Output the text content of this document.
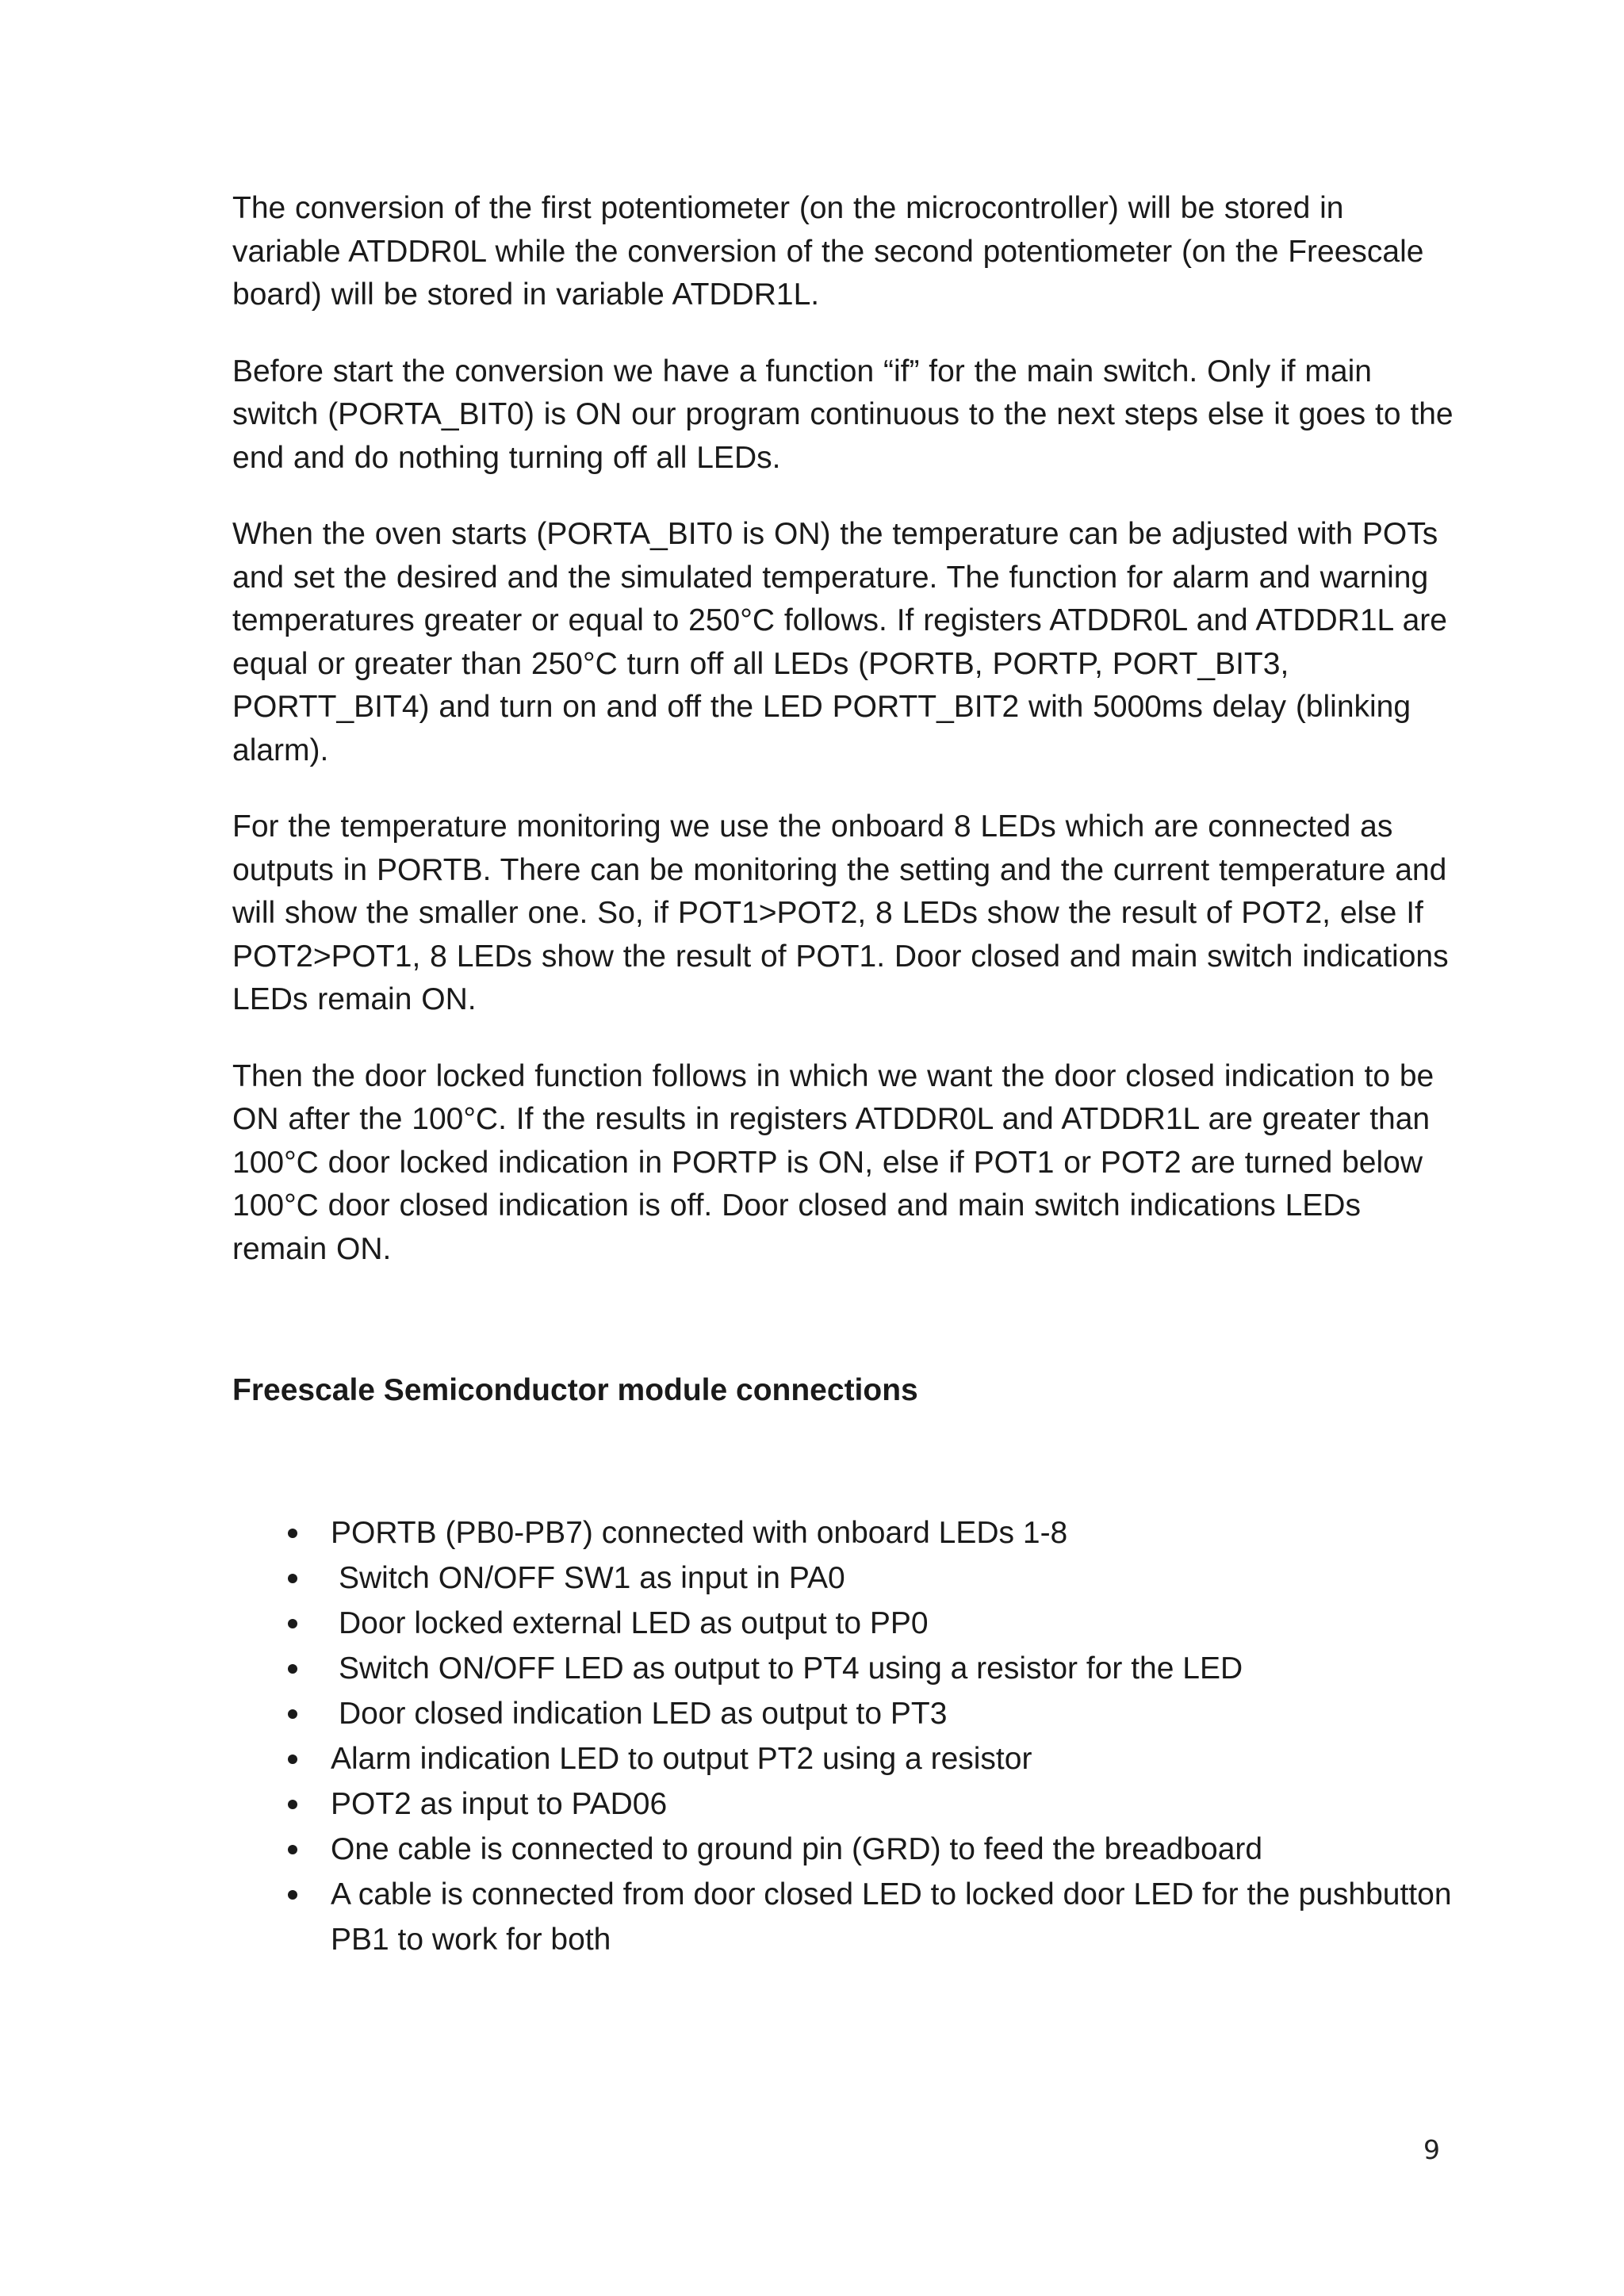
The conversion of the first potentiometer (on the microcontroller) will be stored in variable ATDDR0L while the conversion of the second potentiometer (on the Freescale board) will be stored in variable ATDDR1L.

Before start the conversion we have a function “if” for the main switch. Only if main switch (PORTA_BIT0) is ON our program continuous to the next steps else it goes to the end and do nothing turning off all LEDs.

When the oven starts (PORTA_BIT0 is ON) the temperature can be adjusted with POTs and set the desired and the simulated temperature. The function for alarm and warning temperatures greater or equal to 250°C follows. If registers ATDDR0L and ATDDR1L are equal or greater than 250°C turn off all LEDs (PORTB, PORTP, PORT_BIT3, PORTT_BIT4) and turn on and off the LED PORTT_BIT2 with 5000ms delay (blinking alarm).

For the temperature monitoring we use the onboard 8 LEDs which are connected as outputs in PORTB. There can be monitoring the setting and the current temperature and will show the smaller one. So, if POT1>POT2, 8 LEDs show the result of POT2, else If POT2>POT1, 8 LEDs show the result of POT1. Door closed and main switch indications LEDs remain ON.

Then the door locked function follows in which we want the door closed indication to be ON after the 100°C. If the results in registers ATDDR0L and ATDDR1L are greater than 100°C door locked indication in PORTP is ON, else if POT1 or POT2 are turned below 100°C door closed indication is off. Door closed and main switch indications LEDs remain ON.

Freescale Semiconductor module connections
PORTB (PB0-PB7) connected with onboard LEDs 1-8
Switch ON/OFF SW1 as input in PA0
Door locked external LED as output to PP0
Switch ON/OFF LED as output to PT4 using a resistor for the LED
Door closed indication LED as output to PT3
Alarm indication LED to output PT2 using a resistor
POT2 as input to PAD06
One cable is connected to ground pin (GRD) to feed the breadboard
A cable is connected from door closed LED to locked door LED for the pushbutton PB1 to work for both
9
